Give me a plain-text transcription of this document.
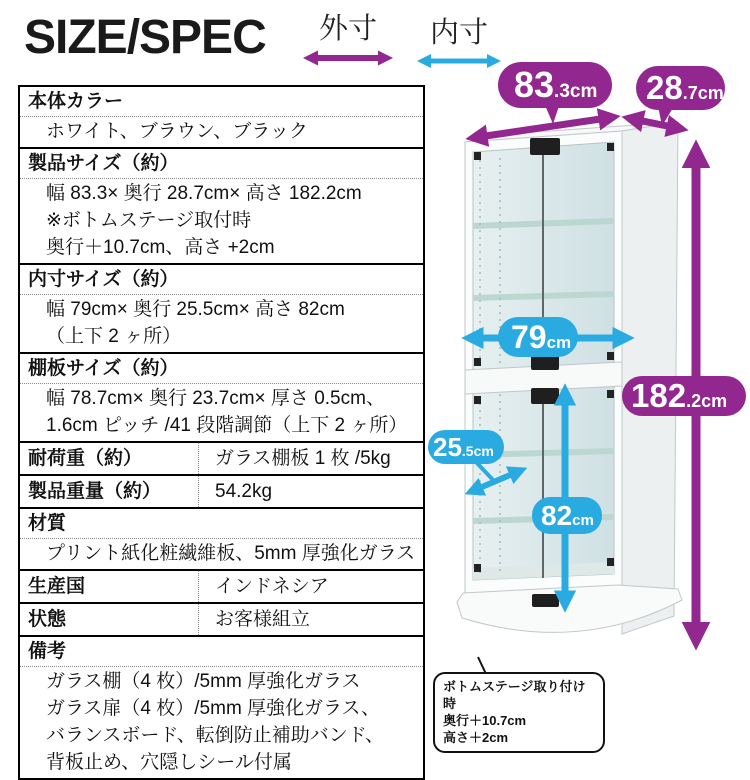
SIZE/SPEC	外寸	内寸
本体カラー
ホワイト、ブラウン、ブラック
製品サイズ（約）
幅 83.3× 奥行 28.7cm× 高さ 182.2cm
※ボトムステージ取付時
奥行＋10.7cm、高さ +2cm
内寸サイズ（約）
幅 79cm× 奥行 25.5cm× 高さ 82cm
（上下 2 ヶ所）
棚板サイズ（約）
幅 78.7cm× 奥行 23.7cm× 厚さ 0.5cm、
1.6cm ピッチ /41 段階調節（上下 2 ヶ所）
耐荷重（約）	ガラス棚板 1 枚 /5kg
製品重量（約）	54.2kg
材質
プリント紙化粧繊維板、5mm 厚強化ガラス
生産国	インドネシア
状態	お客様組立
備考
ガラス棚（4 枚）/5mm 厚強化ガラス
ガラス扉（4 枚）/5mm 厚強化ガラス、
バランスボード、転倒防止補助バンド、
背板止め、穴隠しシール付属
83.3cm 28.7cm
182.2cm
79cm
82cm
25.5cm
ボトムステージ取り付け時
奥行＋10.7cm
高さ＋2cm
